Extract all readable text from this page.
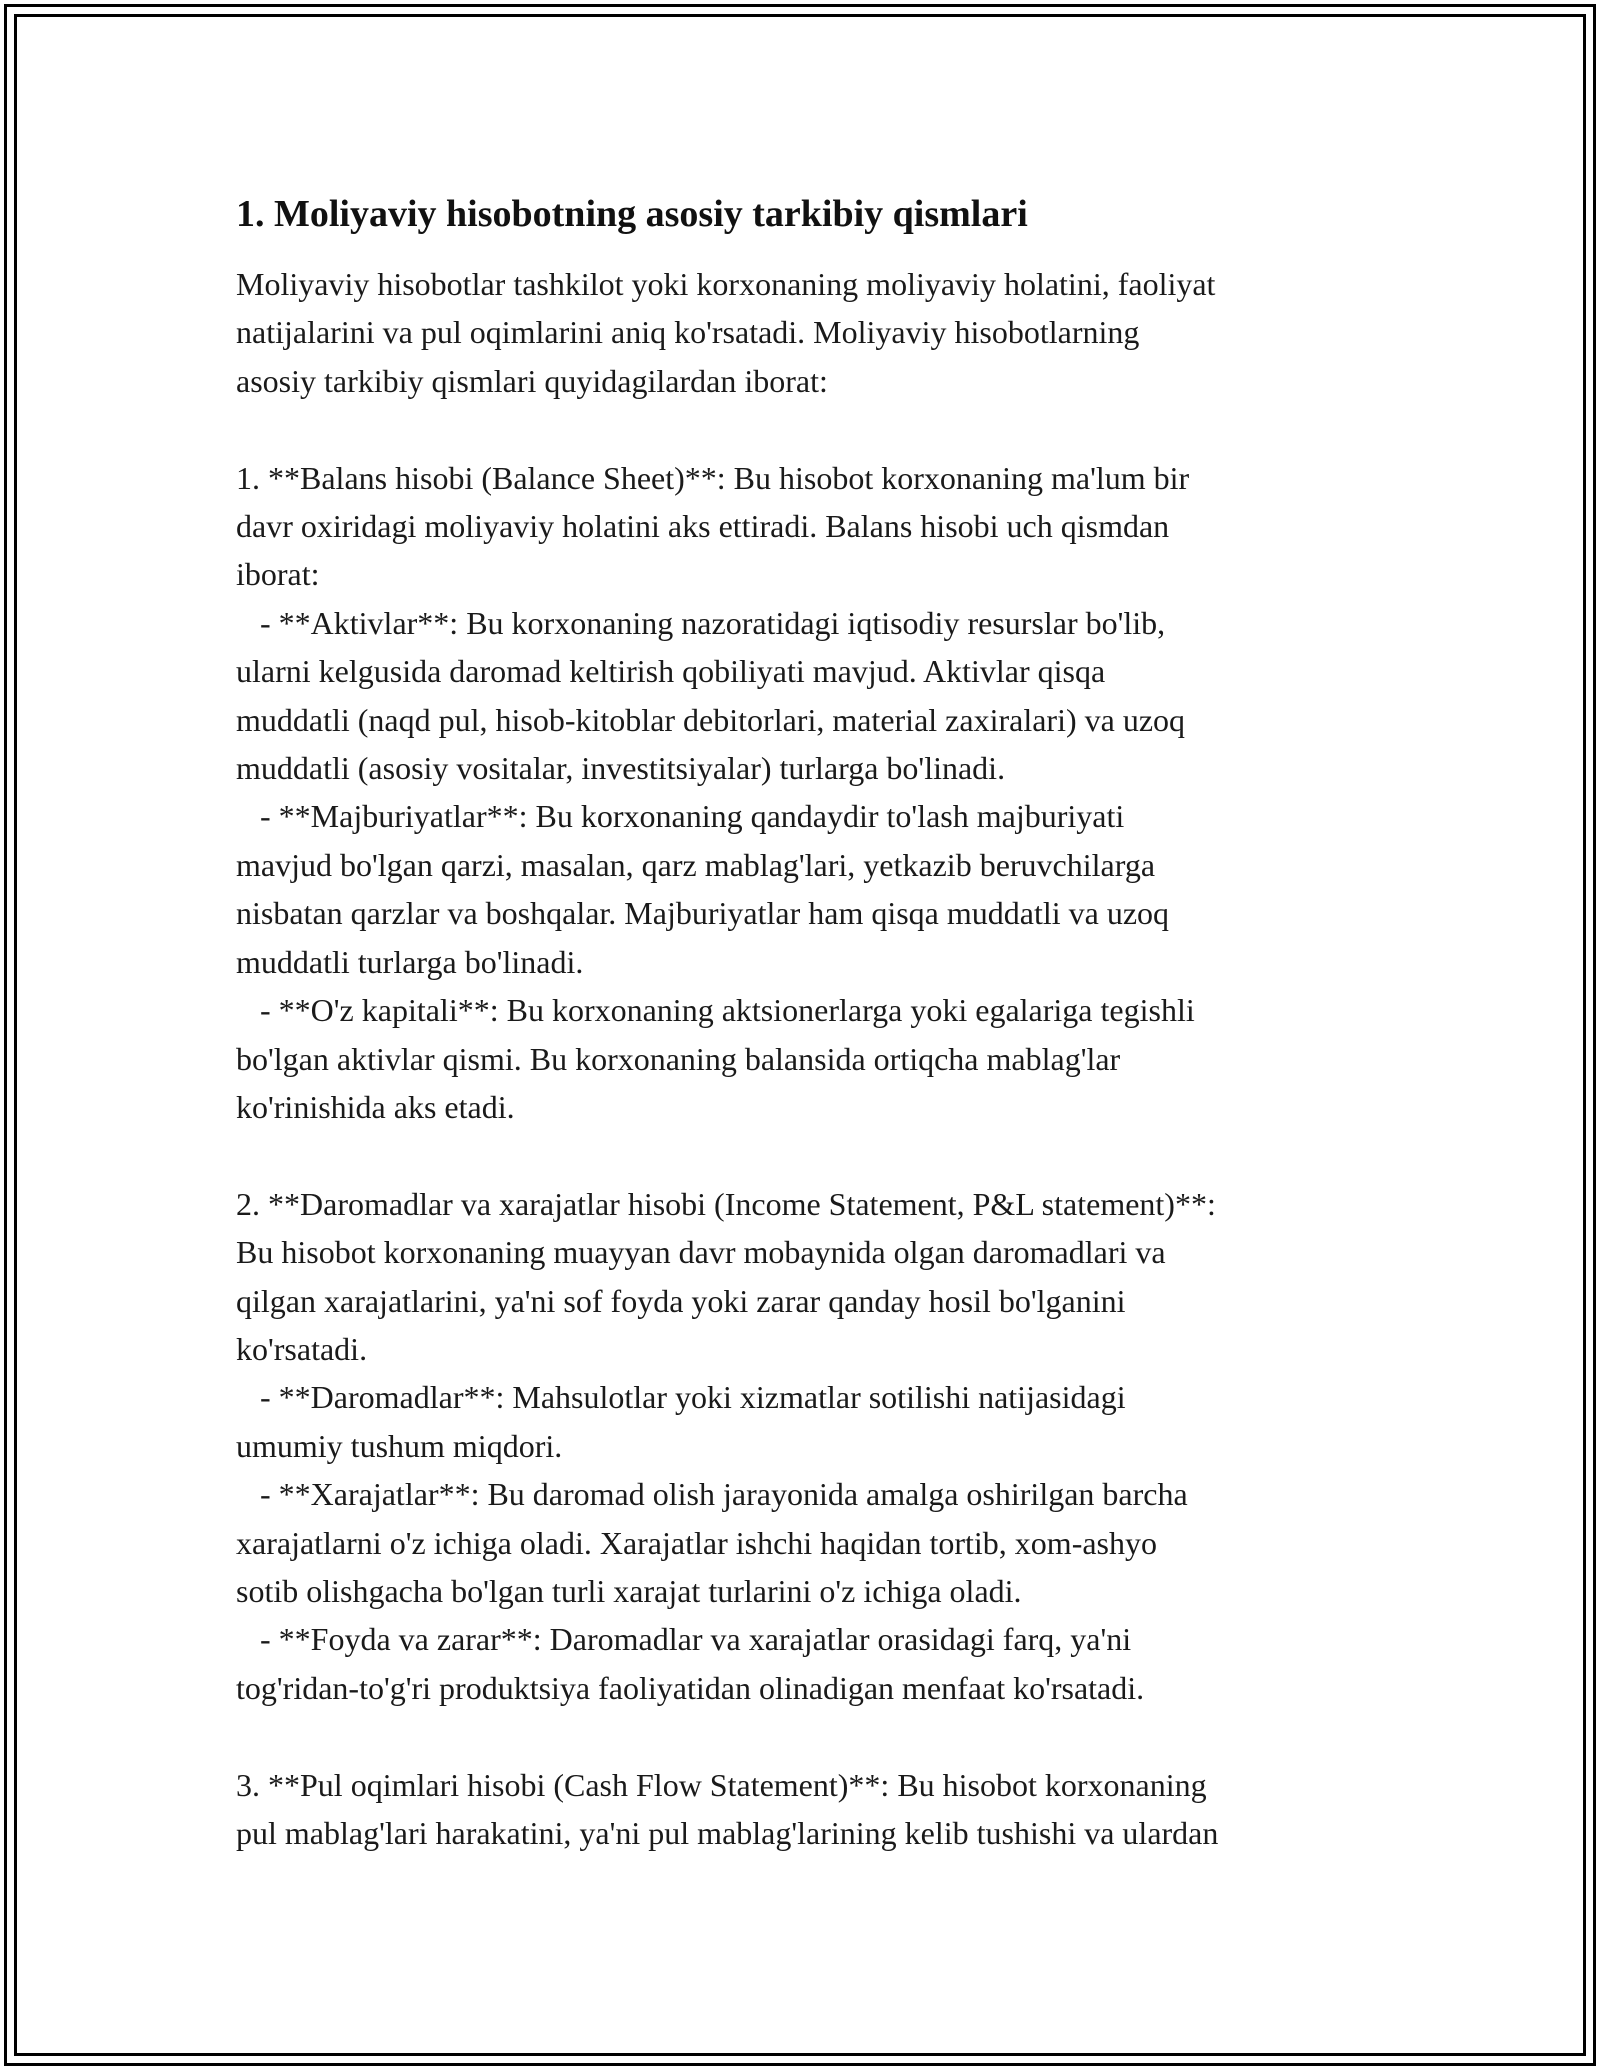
1. Moliyaviy hisobotning asosiy tarkibiy qismlari

Moliyaviy hisobotlar tashkilot yoki korxonaning moliyaviy holatini, faoliyat
natijalarini va pul oqimlarini aniq ko'rsatadi. Moliyaviy hisobotlarning
asosiy tarkibiy qismlari quyidagilardan iborat:

1. **Balans hisobi (Balance Sheet)**: Bu hisobot korxonaning ma'lum bir
davr oxiridagi moliyaviy holatini aks ettiradi. Balans hisobi uch qismdan
iborat:
- **Aktivlar**: Bu korxonaning nazoratidagi iqtisodiy resurslar bo'lib,
ularni kelgusida daromad keltirish qobiliyati mavjud. Aktivlar qisqa
muddatli (naqd pul, hisob-kitoblar debitorlari, material zaxiralari) va uzoq
muddatli (asosiy vositalar, investitsiyalar) turlarga bo'linadi.
- **Majburiyatlar**: Bu korxonaning qandaydir to'lash majburiyati
mavjud bo'lgan qarzi, masalan, qarz mablag'lari, yetkazib beruvchilarga
nisbatan qarzlar va boshqalar. Majburiyatlar ham qisqa muddatli va uzoq
muddatli turlarga bo'linadi.
- **O'z kapitali**: Bu korxonaning aktsionerlarga yoki egalariga tegishli
bo'lgan aktivlar qismi. Bu korxonaning balansida ortiqcha mablag'lar
ko'rinishida aks etadi.

2. **Daromadlar va xarajatlar hisobi (Income Statement, P&L statement)**:
Bu hisobot korxonaning muayyan davr mobaynida olgan daromadlari va
qilgan xarajatlarini, ya'ni sof foyda yoki zarar qanday hosil bo'lganini
ko'rsatadi.
- **Daromadlar**: Mahsulotlar yoki xizmatlar sotilishi natijasidagi
umumiy tushum miqdori.
- **Xarajatlar**: Bu daromad olish jarayonida amalga oshirilgan barcha
xarajatlarni o'z ichiga oladi. Xarajatlar ishchi haqidan tortib, xom-ashyo
sotib olishgacha bo'lgan turli xarajat turlarini o'z ichiga oladi.
- **Foyda va zarar**: Daromadlar va xarajatlar orasidagi farq, ya'ni
tog'ridan-to'g'ri produktsiya faoliyatidan olinadigan menfaat ko'rsatadi.

3. **Pul oqimlari hisobi (Cash Flow Statement)**: Bu hisobot korxonaning
pul mablag'lari harakatini, ya'ni pul mablag'larining kelib tushishi va ulardan
